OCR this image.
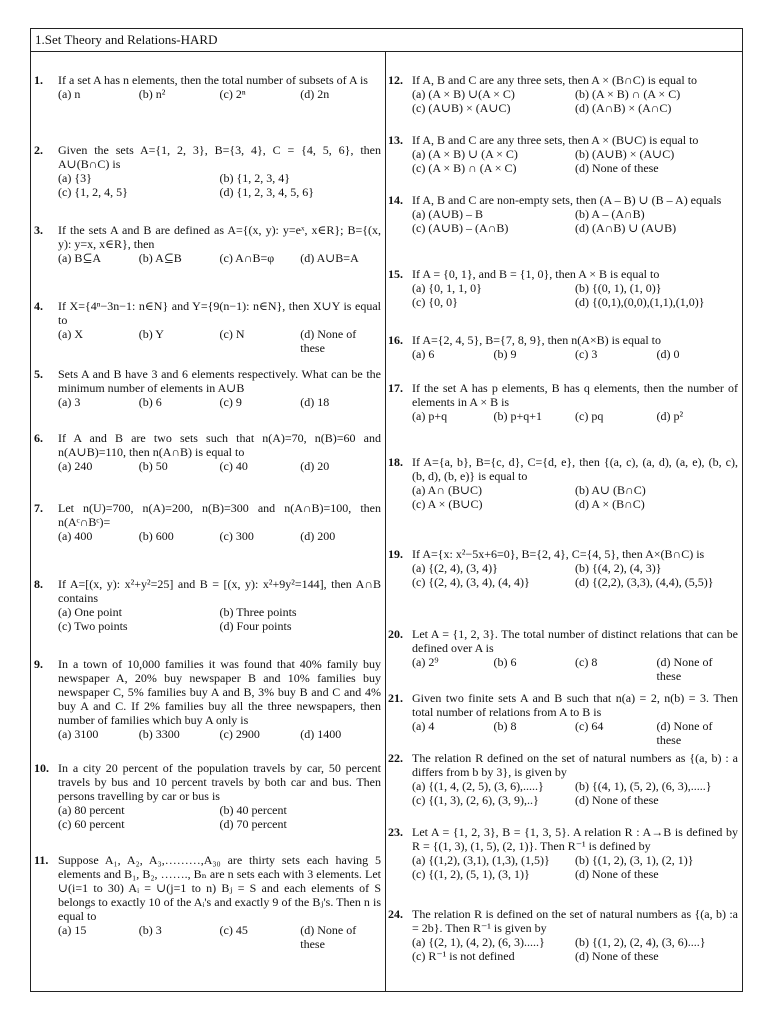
1.Set Theory and Relations-HARD
1.	If a set A has n elements, then the total number of subsets of A is
(a) n	(b) n²	(c) 2ⁿ	(d) 2n
2.	Given the sets A={1, 2, 3}, B={3, 4}, C = {4, 5, 6}, then A∪(B∩C) is
(a) {3}	(b) {1, 2, 3, 4}
(c) {1, 2, 4, 5}	(d) {1, 2, 3, 4, 5, 6}
3.	If the sets A and B are defined as A={(x, y): y=eˣ, x∈R}; B={(x, y): y=x, x∈R}, then
(a) B⊆A	(b) A⊆B	(c) A∩B=φ	(d) A∪B=A
4.	If X={4ⁿ−3n−1: n∈N} and Y={9(n−1): n∈N}, then X∪Y is equal to
(a) X	(b) Y	(c) N	(d) None of these
5.	Sets A and B have 3 and 6 elements respectively. What can be the minimum number of elements in A∪B
(a) 3	(b) 6	(c) 9	(d) 18
6.	If A and B are two sets such that n(A)=70, n(B)=60 and n(A∪B)=110, then n(A∩B) is equal to
(a) 240	(b) 50	(c) 40	(d) 20
7.	Let n(U)=700, n(A)=200, n(B)=300 and n(A∩B)=100, then n(Aᶜ∩Bᶜ)=
(a) 400	(b) 600	(c) 300	(d) 200
8.	If A=[(x, y): x²+y²=25] and B = [(x, y): x²+9y²=144], then A∩B contains
(a) One point	(b) Three points
(c) Two points	(d) Four points
9.	In a town of 10,000 families it was found that 40% family buy newspaper A, 20% buy newspaper B and 10% families buy newspaper C, 5% families buy A and B, 3% buy B and C and 4% buy A and C. If 2% families buy all the three newspapers, then number of families which buy A only is
(a) 3100	(b) 3300	(c) 2900	(d) 1400
10. In a city 20 percent of the population travels by car, 50 percent travels by bus and 10 percent travels by both car and bus. Then persons travelling by car or bus is
(a) 80 percent	(b) 40 percent
(c) 60 percent	(d) 70 percent
11. Suppose A₁, A₂, A₃,………,A₃₀ are thirty sets each having 5 elements and B₁, B₂, ……., Bₙ are n sets each with 3 elements. Let ∪(i=1 to 30) Aᵢ = ∪(j=1 to n) Bⱼ = S and each elements of S belongs to exactly 10 of the Aᵢ's and exactly 9 of the Bⱼ's. Then n is equal to
(a) 15	(b) 3	(c) 45	(d) None of these
12. If A, B and C are any three sets, then A × (B∩C) is equal to
(a) (A × B) ∪(A × C)	(b) (A × B) ∩ (A × C)
(c) (A∪B) × (A∪C)	(d) (A∩B) × (A∩C)
13. If A, B and C are any three sets, then A × (B∪C) is equal to
(a) (A × B) ∪ (A × C)	(b) (A∪B) × (A∪C)
(c) (A × B) ∩ (A × C)	(d) None of these
14. If A, B and C are non-empty sets, then (A – B) ∪ (B – A) equals
(a) (A∪B) – B	(b) A – (A∩B)
(c) (A∪B) – (A∩B)	(d) (A∩B) ∪ (A∪B)
15. If A = {0, 1}, and B = {1, 0}, then A × B is equal to
(a) {0, 1, 1, 0}	(b) {(0, 1), (1, 0)}
(c) {0, 0}	(d) {(0,1),(0,0),(1,1),(1,0)}
16. If A={2, 4, 5}, B={7, 8, 9}, then n(A×B) is equal to
(a) 6	(b) 9	(c) 3	(d) 0
17. If the set A has p elements, B has q elements, then the number of elements in A × B is
(a) p+q	(b) p+q+1	(c) pq	(d) p²
18. If A={a, b}, B={c, d}, C={d, e}, then {(a, c), (a, d), (a, e), (b, c), (b, d), (b, e)} is equal to
(a) A∩ (B∪C)	(b) A∪ (B∩C)
(c) A × (B∪C)	(d) A × (B∩C)
19. If A={x: x²−5x+6=0}, B={2, 4}, C={4, 5}, then A×(B∩C) is
(a) {(2, 4), (3, 4)}	(b) {(4, 2), (4, 3)}
(c) {(2, 4), (3, 4), (4, 4)}	(d) {(2,2), (3,3), (4,4), (5,5)}
20. Let A = {1, 2, 3}. The total number of distinct relations that can be defined over A is
(a) 2⁹	(b) 6	(c) 8	(d) None of these
21. Given two finite sets A and B such that n(a) = 2, n(b) = 3. Then total number of relations from A to B is
(a) 4	(b) 8	(c) 64	(d) None of these
22. The relation R defined on the set of natural numbers as {(a, b) : a differs from b by 3}, is given by
(a) {(1, 4, (2, 5), (3, 6),.....}	(b) {(4, 1), (5, 2), (6, 3),.....}
(c) {(1, 3), (2, 6), (3, 9),..}	(d) None of these
23. Let A = {1, 2, 3}, B = {1, 3, 5}. A relation R : A→B is defined by R = {(1, 3), (1, 5), (2, 1)}. Then R⁻¹ is defined by
(a) {(1,2), (3,1), (1,3), (1,5)}	(b) {(1, 2), (3, 1), (2, 1)}
(c) {(1, 2), (5, 1), (3, 1)}	(d) None of these
24. The relation R is defined on the set of natural numbers as {(a, b) :a = 2b}. Then R⁻¹ is given by
(a) {(2, 1), (4, 2), (6, 3).....}	(b) {(1, 2), (2, 4), (3, 6)....}
(c) R⁻¹ is not defined	(d) None of these
